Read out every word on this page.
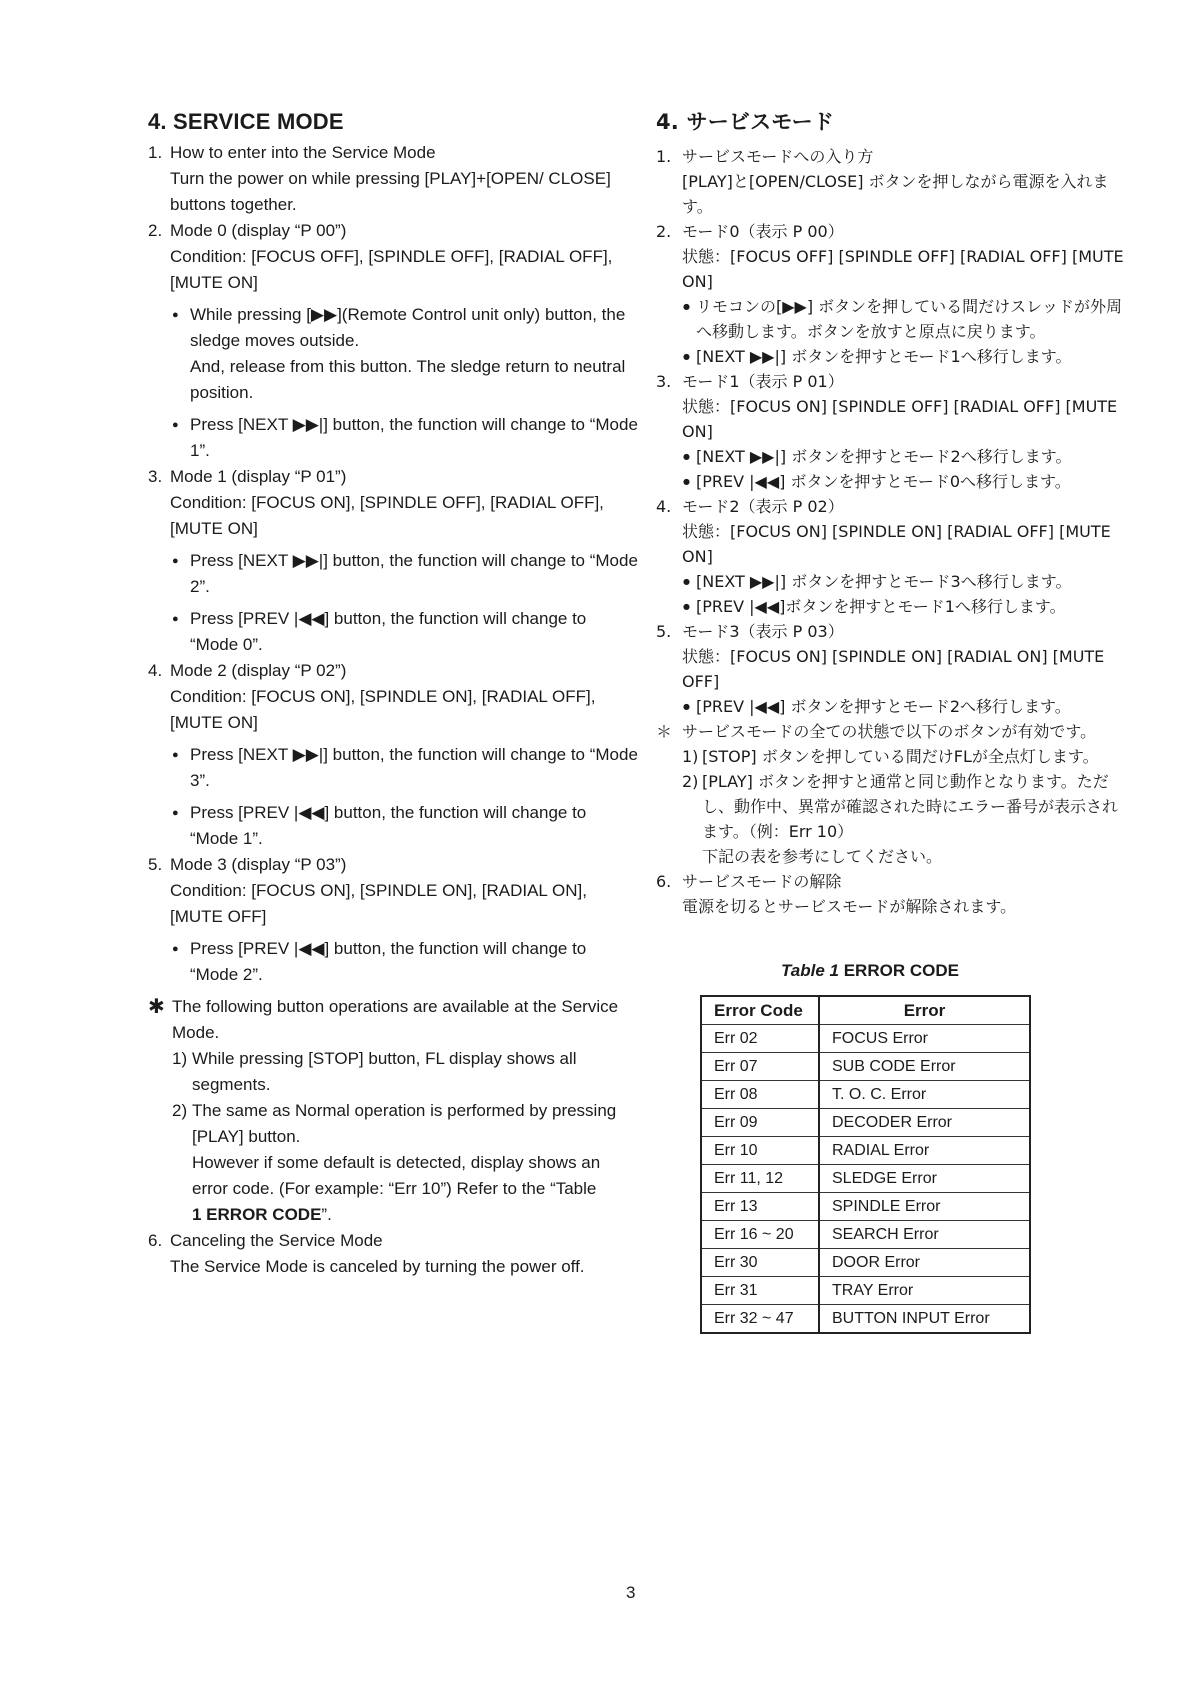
4. SERVICE MODE
1. How to enter into the Service Mode
Turn the power on while pressing [PLAY]+[OPEN/ CLOSE] buttons together.
2. Mode 0 (display “P 00”)
Condition: [FOCUS OFF], [SPINDLE OFF], [RADIAL OFF], [MUTE ON]
● While pressing [▶▶](Remote Control unit only) button, the sledge moves outside.
And, release from this button. The sledge return to neutral position.
● Press [NEXT ▶▶|] button, the function will change to “Mode 1”.
3. Mode 1 (display “P 01”)
Condition: [FOCUS ON], [SPINDLE OFF], [RADIAL OFF], [MUTE ON]
● Press [NEXT ▶▶|] button, the function will change to “Mode 2”.
● Press [PREV |◀◀] button, the function will change to “Mode 0”.
4. Mode 2 (display “P 02”)
Condition: [FOCUS ON], [SPINDLE ON], [RADIAL OFF], [MUTE ON]
● Press [NEXT ▶▶|] button, the function will change to “Mode 3”.
● Press [PREV |◀◀] button, the function will change to “Mode 1”.
5. Mode 3 (display “P 03”)
Condition: [FOCUS ON], [SPINDLE ON], [RADIAL ON], [MUTE OFF]
● Press [PREV |◀◀] button, the function will change to “Mode 2”.
✱ The following button operations are available at the Service Mode.
1) While pressing [STOP] button, FL display shows all segments.
2) The same as Normal operation is performed by pressing [PLAY] button.
However if some default is detected, display shows an error code. (For example: “Err 10”) Refer to the “Table
1 ERROR CODE”.
6. Canceling the Service Mode
The Service Mode is canceled by turning the power off.
4. サービスモード
1. サービスモードへの入り方
[PLAY]と[OPEN/CLOSE] ボタンを押しながら電源を入れます。
2. モード0（表示 P 00）
状態：[FOCUS OFF] [SPINDLE OFF] [RADIAL OFF] [MUTE ON]
● リモコンの[▶▶] ボタンを押している間だけスレッドが外周へ移動します。ボタンを放すと原点に戻ります。
● [NEXT ▶▶|] ボタンを押すとモード1へ移行します。
3. モード1（表示 P 01）
状態：[FOCUS ON] [SPINDLE OFF] [RADIAL OFF] [MUTE ON]
● [NEXT ▶▶|] ボタンを押すとモード2へ移行します。
● [PREV |◀◀] ボタンを押すとモード0へ移行します。
4. モード2（表示 P 02）
状態：[FOCUS ON] [SPINDLE ON] [RADIAL OFF] [MUTE ON]
● [NEXT ▶▶|] ボタンを押すとモード3へ移行します。
● [PREV |◀◀]ボタンを押すとモード1へ移行します。
5. モード3（表示 P 03）
状態：[FOCUS ON] [SPINDLE ON] [RADIAL ON] [MUTE OFF]
● [PREV |◀◀] ボタンを押すとモード2へ移行します。
＊ サービスモードの全ての状態で以下のボタンが有効です。
1) [STOP] ボタンを押している間だけFLが全点灯します。
2) [PLAY] ボタンを押すと通常と同じ動作となります。ただし、動作中、異常が確認された時にエラー番号が表示されます。（例：Err 10）
下記の表を参考にしてください。
6. サービスモードの解除
電源を切るとサービスモードが解除されます。
Table 1 ERROR CODE
Error Code	Error
Err 02	FOCUS Error
Err 07	SUB CODE Error
Err 08	T. O. C. Error
Err 09	DECODER Error
Err 10	RADIAL Error
Err 11, 12	SLEDGE Error
Err 13	SPINDLE Error
Err 16 ~ 20	SEARCH Error
Err 30	DOOR Error
Err 31	TRAY Error
Err 32 ~ 47	BUTTON INPUT Error
3
